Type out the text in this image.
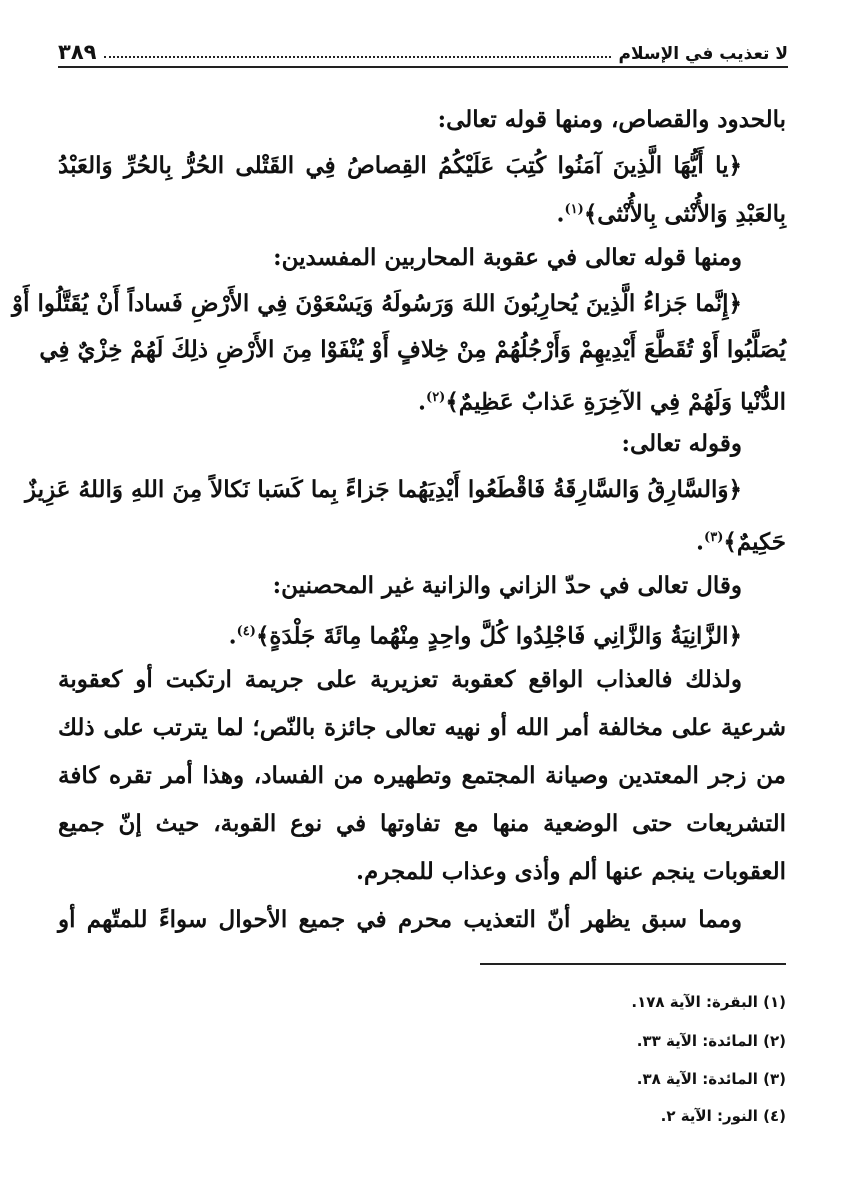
لا تعذيب في الإسلام
٣٨٩
بالحدود والقصاص، ومنها قوله تعالى:
﴿يا أَيُّهَا الَّذِينَ آمَنُوا كُتِبَ عَلَيْكُمُ القِصاصُ فِي القَتْلى الحُرُّ بِالحُرِّ وَالعَبْدُ
بِالعَبْدِ وَالأُنْثى بِالأُنْثى﴾$^{(١)}$.
ومنها قوله تعالى في عقوبة المحاربين المفسدين:
﴿إِنَّما جَزاءُ الَّذِينَ يُحارِبُونَ اللهَ وَرَسُولَهُ وَيَسْعَوْنَ فِي الأَرْضِ فَساداً أَنْ يُقَتَّلُوا أَوْ
يُصَلَّبُوا أَوْ تُقَطَّعَ أَيْدِيهِمْ وَأَرْجُلُهُمْ مِنْ خِلافٍ أَوْ يُنْفَوْا مِنَ الأَرْضِ ذلِكَ لَهُمْ خِزْيٌ فِي
الدُّنْيا وَلَهُمْ فِي الآخِرَةِ عَذابٌ عَظِيمٌ﴾$^{(٢)}$.
وقوله تعالى:
﴿وَالسَّارِقُ وَالسَّارِقَةُ فَاقْطَعُوا أَيْدِيَهُما جَزاءً بِما كَسَبا نَكالاً مِنَ اللهِ وَاللهُ عَزِيزٌ
حَكِيمٌ﴾$^{(٣)}$.
وقال تعالى في حدّ الزاني والزانية غير المحصنين:
﴿الزَّانِيَةُ وَالزَّانِي فَاجْلِدُوا كُلَّ واحِدٍ مِنْهُما مِائَةَ جَلْدَةٍ﴾$^{(٤)}$.
ولذلك فالعذاب الواقع كعقوبة تعزيرية على جريمة ارتكبت أو كعقوبة
شرعية على مخالفة أمر الله أو نهيه تعالى جائزة بالنّص؛ لما يترتب على ذلك
من زجر المعتدين وصيانة المجتمع وتطهيره من الفساد، وهذا أمر تقره كافة
التشريعات حتى الوضعية منها مع تفاوتها في نوع القوبة، حيث إنّ جميع
العقوبات ينجم عنها ألم وأذى وعذاب للمجرم.
ومما سبق يظهر أنّ التعذيب محرم في جميع الأحوال سواءً للمتّهم أو
(١) البقرة: الآية ١٧٨.
(٢) المائدة: الآية ٣٣.
(٣) المائدة: الآية ٣٨.
(٤) النور: الآية ٢.
